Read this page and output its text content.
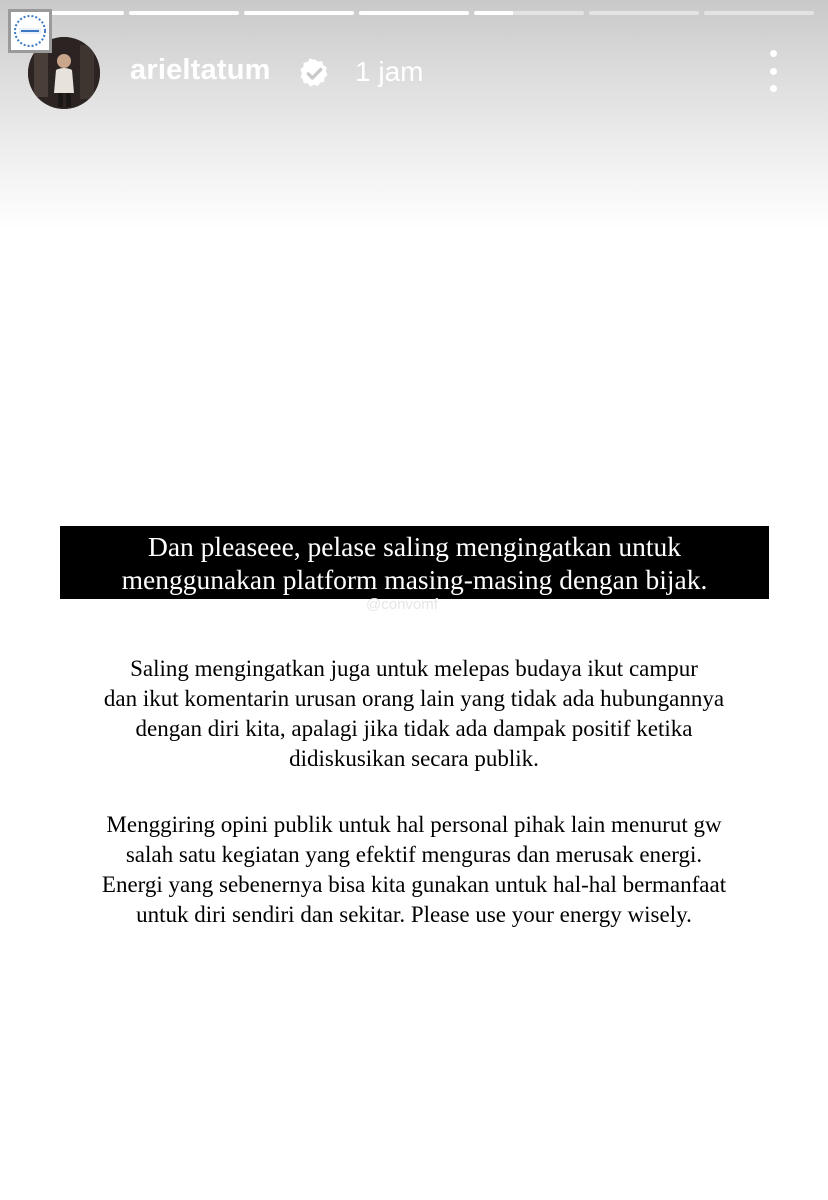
arieltatum	1 jam
Dan pleaseee, pelase saling mengingatkan untuk
menggunakan platform masing-masing dengan bijak.
@convomf
Saling mengingatkan juga untuk melepas budaya ikut campur
dan ikut komentarin urusan orang lain yang tidak ada hubungannya
dengan diri kita, apalagi jika tidak ada dampak positif ketika
didiskusikan secara publik.
Menggiring opini publik untuk hal personal pihak lain menurut gw
salah satu kegiatan yang efektif menguras dan merusak energi.
Energi yang sebenernya bisa kita gunakan untuk hal-hal bermanfaat
untuk diri sendiri dan sekitar. Please use your energy wisely.
